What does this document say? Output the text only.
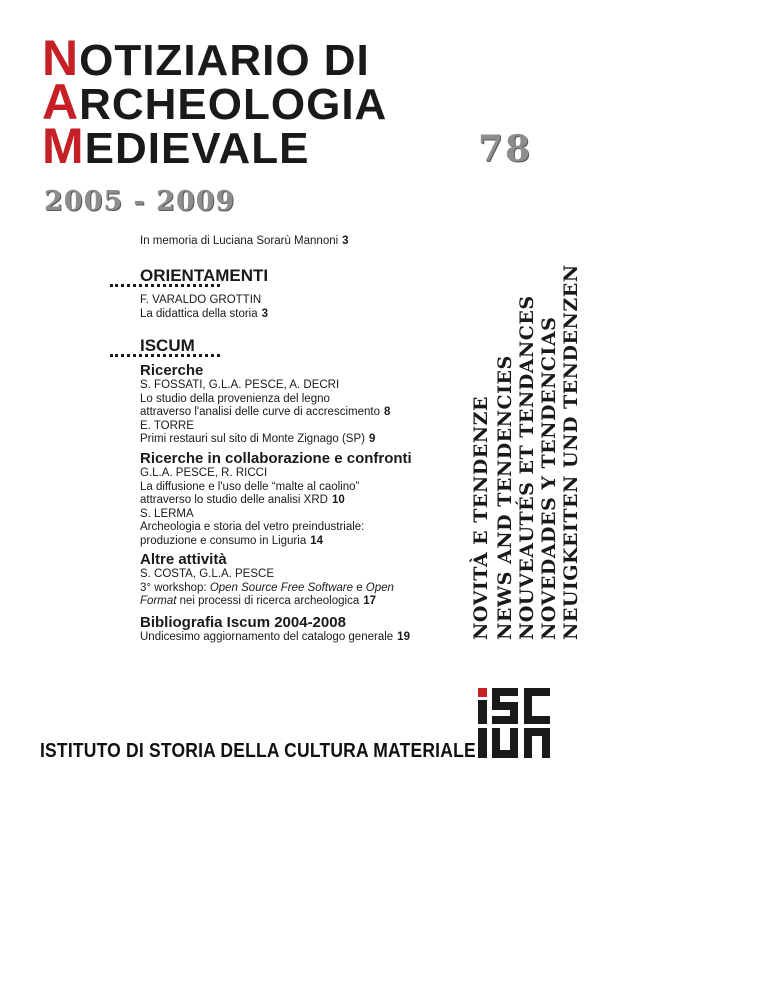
NOTIZIARIO DI
ARCHEOLOGIA
MEDIEVALE
2005 - 2009
78
NOVITÀ E TENDENZE NEWS AND TENDENCIES NOUVEAUTÉS ET TENDANCES NOVEDADES Y TENDENCIAS NEUIGKEITEN UND TENDENZEN

In memoria di Luciana Sorarù Mannoni 3

ORIENTAMENTI

F. VARALDO GROTTIN

La didattica della storia 3

ISCUM

Ricerche

S. FOSSATI, G.L.A. PESCE, A. DECRI

Lo studio della provenienza del legno

attraverso l'analisi delle curve di accrescimento 8

E. TORRE

Primi restauri sul sito di Monte Zignago (SP) 9

Ricerche in collaborazione e confronti

G.L.A. PESCE, R. RICCI

La diffusione e l'uso delle “malte al caolino”

attraverso lo studio delle analisi XRD 10

S. LERMA

Archeologia e storia del vetro preindustriale:

produzione e consumo in Liguria 14

Altre attività

S. COSTA, G.L.A. PESCE

3° workshop: Open Source Free Software e Open

Format nei processi di ricerca archeologica 17

Bibliografia Iscum 2004-2008

Undicesimo aggiornamento del catalogo generale 19

ISTITUTO DI STORIA DELLA CULTURA MATERIALE
